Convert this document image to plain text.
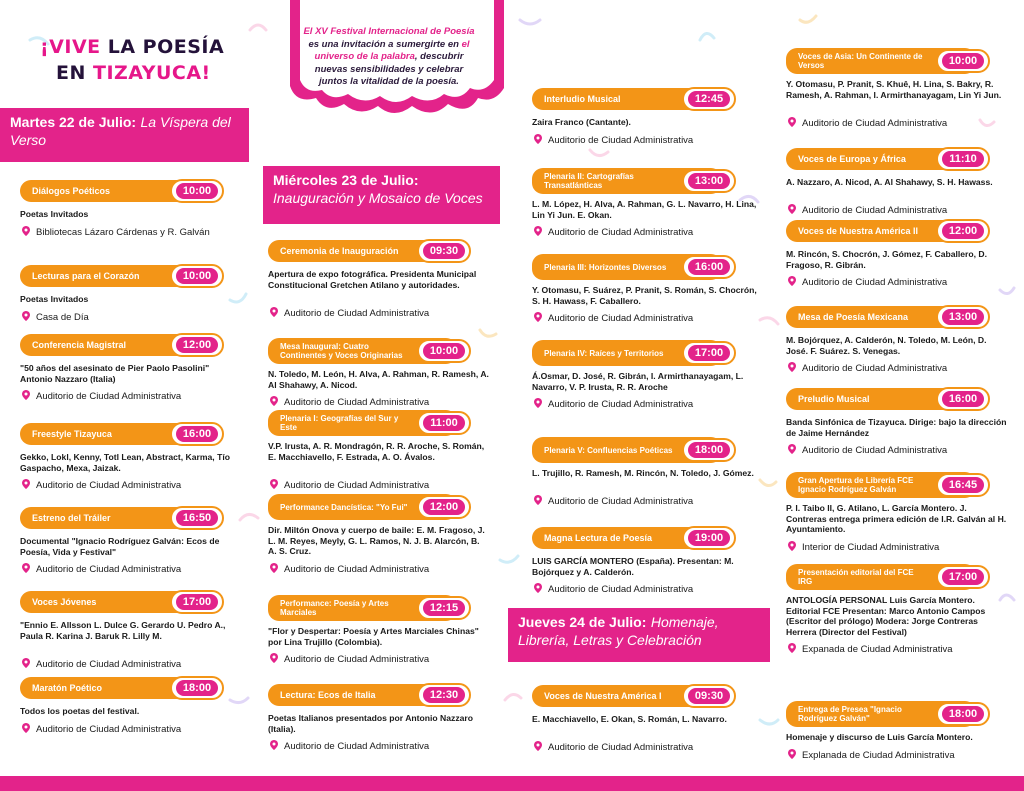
¡VIVE LA POESÍA
EN TIZAYUCA!
El XV Festival Internacional de Poesía es una invitación a sumergirte en el universo de la palabra, descubrir nuevas sensibilidades y celebrar juntos la vitalidad de la poesía.
Martes 22 de Julio: La Víspera del Verso
Miércoles 23 de Julio:
Inauguración y Mosaico de Voces
Jueves 24 de Julio: Homenaje, Librería, Letras y Celebración
Diálogos Poéticos	10:00
Poetas Invitados
Bibliotecas Lázaro Cárdenas y R. Galván
Lecturas para el Corazón	10:00
Poetas Invitados
Casa de Día
Conferencia Magistral	12:00
"50 años del asesinato de Pier Paolo Pasolini" Antonio Nazzaro (Italia)
Auditorio de Ciudad Administrativa
Freestyle Tizayuca	16:00
Gekko, Lokl, Kenny, Totl Lean, Abstract, Karma, Tío Gaspacho, Mexa, Jaizak.
Auditorio de Ciudad Administrativa
Estreno del Tráiler	16:50
Documental "Ignacio Rodríguez Galván: Ecos de Poesía, Vida y Festival"
Auditorio de Ciudad Administrativa
Voces Jóvenes	17:00
"Ennio E. Allsson L. Dulce G. Gerardo U. Pedro A., Paula R. Karina J. Baruk R. Lilly M.
Auditorio de Ciudad Administrativa
Maratón Poético	18:00
Todos los poetas del festival.
Auditorio de Ciudad Administrativa
Ceremonia de Inauguración	09:30
Apertura de expo fotográfica. Presidenta Municipal Constitucional Gretchen Atilano y autoridades.
Auditorio de Ciudad Administrativa
Mesa Inaugural: Cuatro Continentes y Voces Originarias	10:00
N. Toledo, M. León, H. Alva, A. Rahman, R. Ramesh, A. Al Shahawy, A. Nicod.
Auditorio de Ciudad Administrativa
Plenaria I: Geografías del Sur y Este	11:00
V.P. Irusta, A. R. Mondragón, R. R. Aroche, S. Román, E. Macchiavello, F. Estrada, A. O. Ávalos.
Auditorio de Ciudad Administrativa
Performance Dancística: "Yo Fui"	12:00
Dir. Miltón Onova y cuerpo de baile: E. M. Fragoso, J. L. M. Reyes, Meyly, G. L. Ramos, N. J. B. Alarcón, B. A. S. Cruz.
Auditorio de Ciudad Administrativa
Performance: Poesía y Artes Marciales	12:15
"Flor y Despertar: Poesía y Artes Marciales Chinas" por Lina Trujillo (Colombia).
Auditorio de Ciudad Administrativa
Lectura: Ecos de Italia	12:30
Poetas Italianos presentados por Antonio Nazzaro (Italia).
Auditorio de Ciudad Administrativa
Interludio Musical	12:45
Zaira Franco (Cantante).
Auditorio de Ciudad Administrativa
Plenaria II: Cartografías Transatlánticas	13:00
L. M. López, H. Alva, A. Rahman, G. L. Navarro, H. Lina, Lin Yi Jun. E. Okan.
Auditorio de Ciudad Administrativa
Plenaria III: Horizontes Diversos	16:00
Y. Otomasu, F. Suárez, P. Pranit, S. Román, S. Chocrón, S. H. Hawass, F. Caballero.
Auditorio de Ciudad Administrativa
Plenaria IV: Raíces y Territorios	17:00
Á.Osmar, D. José, R. Gibrán, I. Armirthanayagam, L. Navarro, V. P. Irusta, R. R. Aroche
Auditorio de Ciudad Administrativa
Plenaria V: Confluencias Poéticas	18:00
L. Trujillo, R. Ramesh, M. Rincón, N. Toledo, J. Gómez.
Auditorio de Ciudad Administrativa
Magna Lectura de Poesía	19:00
LUIS GARCÍA MONTERO (España). Presentan: M. Bojórquez y A. Calderón.
Auditorio de Ciudad Administrativa
Voces de Nuestra América I	09:30
E. Macchiavello, E. Okan, S. Román, L. Navarro.
Auditorio de Ciudad Administrativa
Voces de Asia: Un Continente de Versos	10:00
Y. Otomasu, P. Pranit, S. Khuê, H. Lina, S. Bakry, R. Ramesh, A. Rahman, I. Armirthanayagam, Lin Yi Jun.
Auditorio de Ciudad Administrativa
Voces de Europa y África	11:10
A. Nazzaro, A. Nicod, A. Al Shahawy, S. H. Hawass.
Auditorio de Ciudad Administrativa
Voces de Nuestra América II	12:00
M. Rincón, S. Chocrón, J. Gómez, F. Caballero, D. Fragoso, R. Gibrán.
Auditorio de Ciudad Administrativa
Mesa de Poesía Mexicana	13:00
M. Bojórquez, A. Calderón, N. Toledo, M. León, D. José. F. Suárez. S. Venegas.
Auditorio de Ciudad Administrativa
Preludio Musical	16:00
Banda Sinfónica de Tizayuca. Dirige: bajo la dirección de Jaime Hernández
Auditorio de Ciudad Administrativa
Gran Apertura de Librería FCE Ignacio Rodríguez Galván	16:45
P. I. Taibo II, G. Atilano, L. García Montero. J. Contreras entrega primera edición de I.R. Galván al H. Ayuntamiento.
Interior de Ciudad Administrativa
Presentación editorial del FCE IRG	17:00
ANTOLOGÍA PERSONAL Luis García Montero. Editorial FCE Presentan: Marco Antonio Campos (Escritor del prólogo) Modera: Jorge Contreras Herrera (Director del Festival)
Expanada de Ciudad Administrativa
Entrega de Presea "Ignacio Rodríguez Galván"	18:00
Homenaje y discurso de Luis García Montero.
Explanada de Ciudad Administrativa
